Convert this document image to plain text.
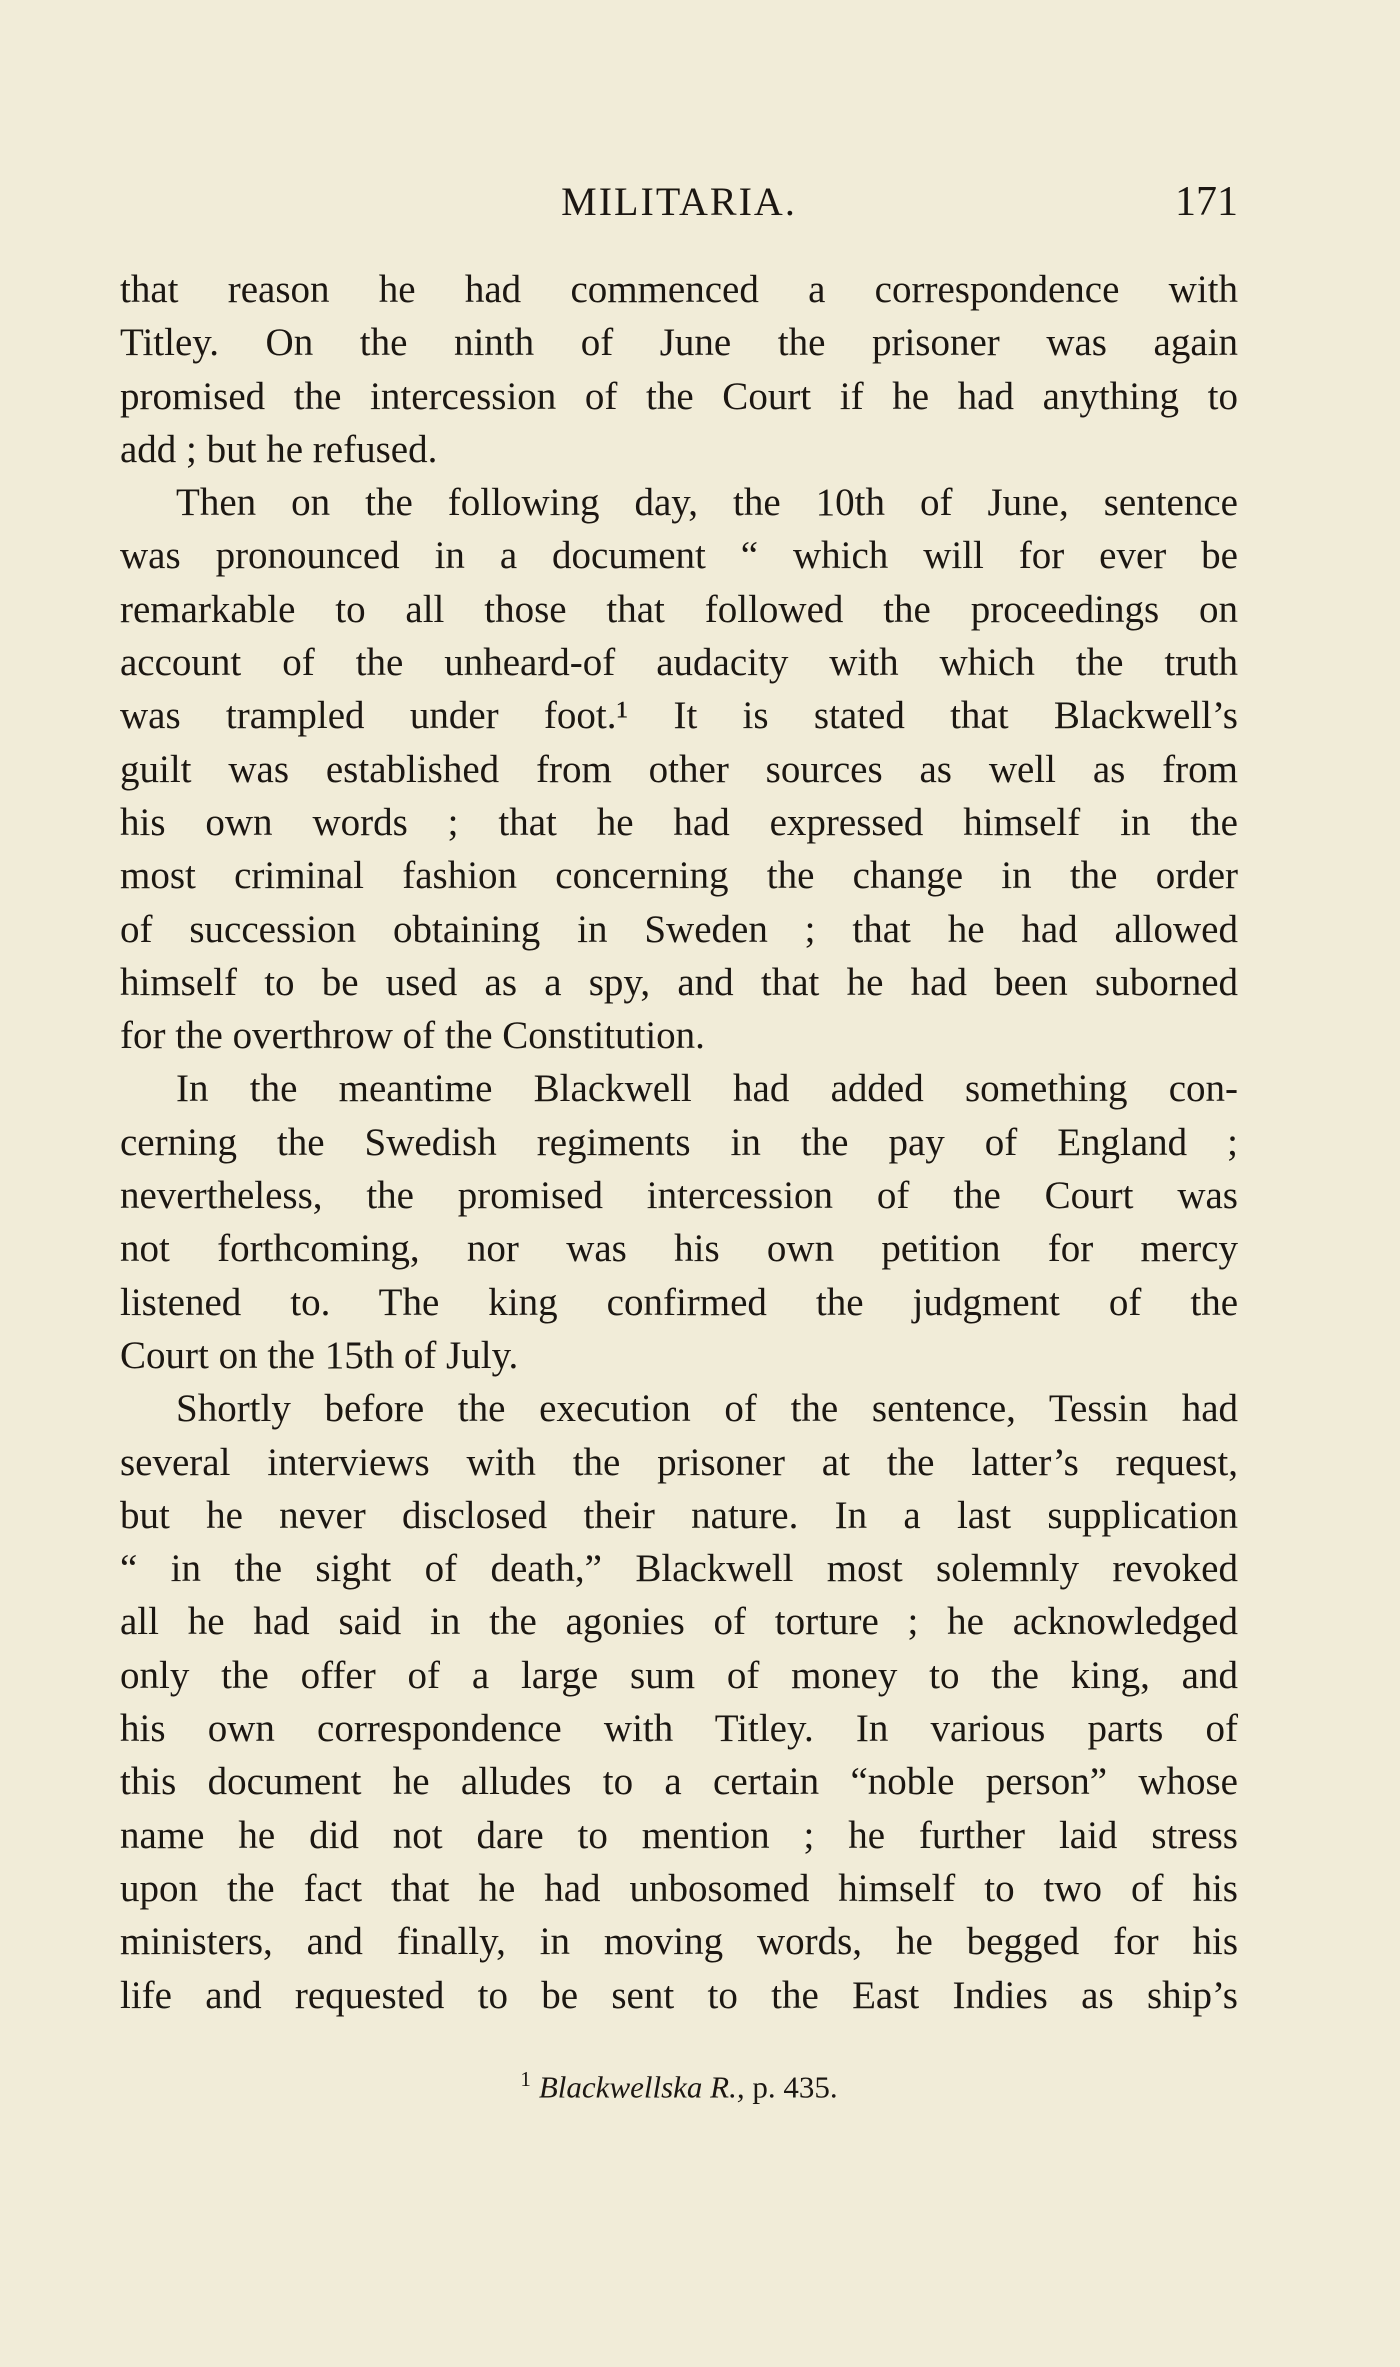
MILITARIA.	171
that reason he had commenced a correspondence with
Titley. On the ninth of June the prisoner was again
promised the intercession of the Court if he had anything to
add ; but he refused.
Then on the following day, the 10th of June, sentence
was pronounced in a document “ which will for ever be
remarkable to all those that followed the proceedings on
account of the unheard-of audacity with which the truth
was trampled under foot.¹ It is stated that Blackwell’s
guilt was established from other sources as well as from
his own words ; that he had expressed himself in the
most criminal fashion concerning the change in the order
of succession obtaining in Sweden ; that he had allowed
himself to be used as a spy, and that he had been suborned
for the overthrow of the Constitution.
In the meantime Blackwell had added something con-
cerning the Swedish regiments in the pay of England ;
nevertheless, the promised intercession of the Court was
not forthcoming, nor was his own petition for mercy
listened to. The king confirmed the judgment of the
Court on the 15th of July.
Shortly before the execution of the sentence, Tessin had
several interviews with the prisoner at the latter’s request,
but he never disclosed their nature. In a last supplication
“ in the sight of death,” Blackwell most solemnly revoked
all he had said in the agonies of torture ; he acknowledged
only the offer of a large sum of money to the king, and
his own correspondence with Titley. In various parts of
this document he alludes to a certain “noble person” whose
name he did not dare to mention ; he further laid stress
upon the fact that he had unbosomed himself to two of his
ministers, and finally, in moving words, he begged for his
life and requested to be sent to the East Indies as ship’s
$^1$ Blackwellska R., p. 435.
